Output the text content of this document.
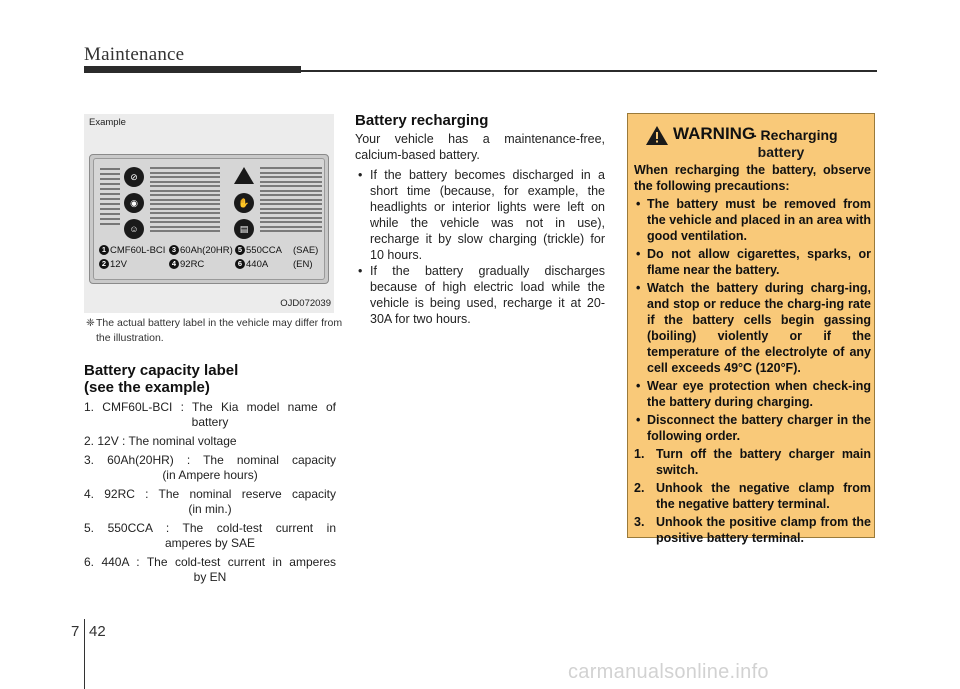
Maintenance
Example
⊘
◉
☺
✋
▤
1 CMF60L-BCI 3 60Ah(20HR) 5 550CCA (SAE)
2 12V	4 92RC	6 440A	(EN)
OJD072039
❈The actual battery label in the vehicle may differ from the illustration.
Battery capacity label
(see the example)
1. CMF60L-BCI : The Kia model name of
battery
2. 12V : The nominal voltage
3. 60Ah(20HR) : The nominal capacity
(in Ampere hours)
4. 92RC : The nominal reserve capacity
(in min.)
5. 550CCA : The cold-test current in
amperes by SAE
6. 440A : The cold-test current in amperes
by EN
Battery recharging

Your vehicle has a maintenance-free, calcium-based battery.

• If the battery becomes discharged in a short time (because, for example, the headlights or interior lights were left on while the vehicle was not in use), recharge it by slow charging (trickle) for 10 hours.
• If the battery gradually discharges because of high electric load while the vehicle is being used, recharge it at 20-30A for two hours.
WARNING
- Recharging
battery

When recharging the battery, observe the following precautions:

• The battery must be removed from the vehicle and placed in an area with good ventilation.
• Do not allow cigarettes, sparks, or flame near the battery.
• Watch the battery during charg-ing, and stop or reduce the charg-ing rate if the battery cells begin gassing (boiling) violently or if the temperature of the electrolyte of any cell exceeds 49°C (120°F).
• Wear eye protection when check-ing the battery during charging.
• Disconnect the battery charger in the following order.
1. Turn off the battery charger main switch.
2. Unhook the negative clamp from the negative battery terminal.
3. Unhook the positive clamp from the positive battery terminal.
7 42
carmanualsonline.info
